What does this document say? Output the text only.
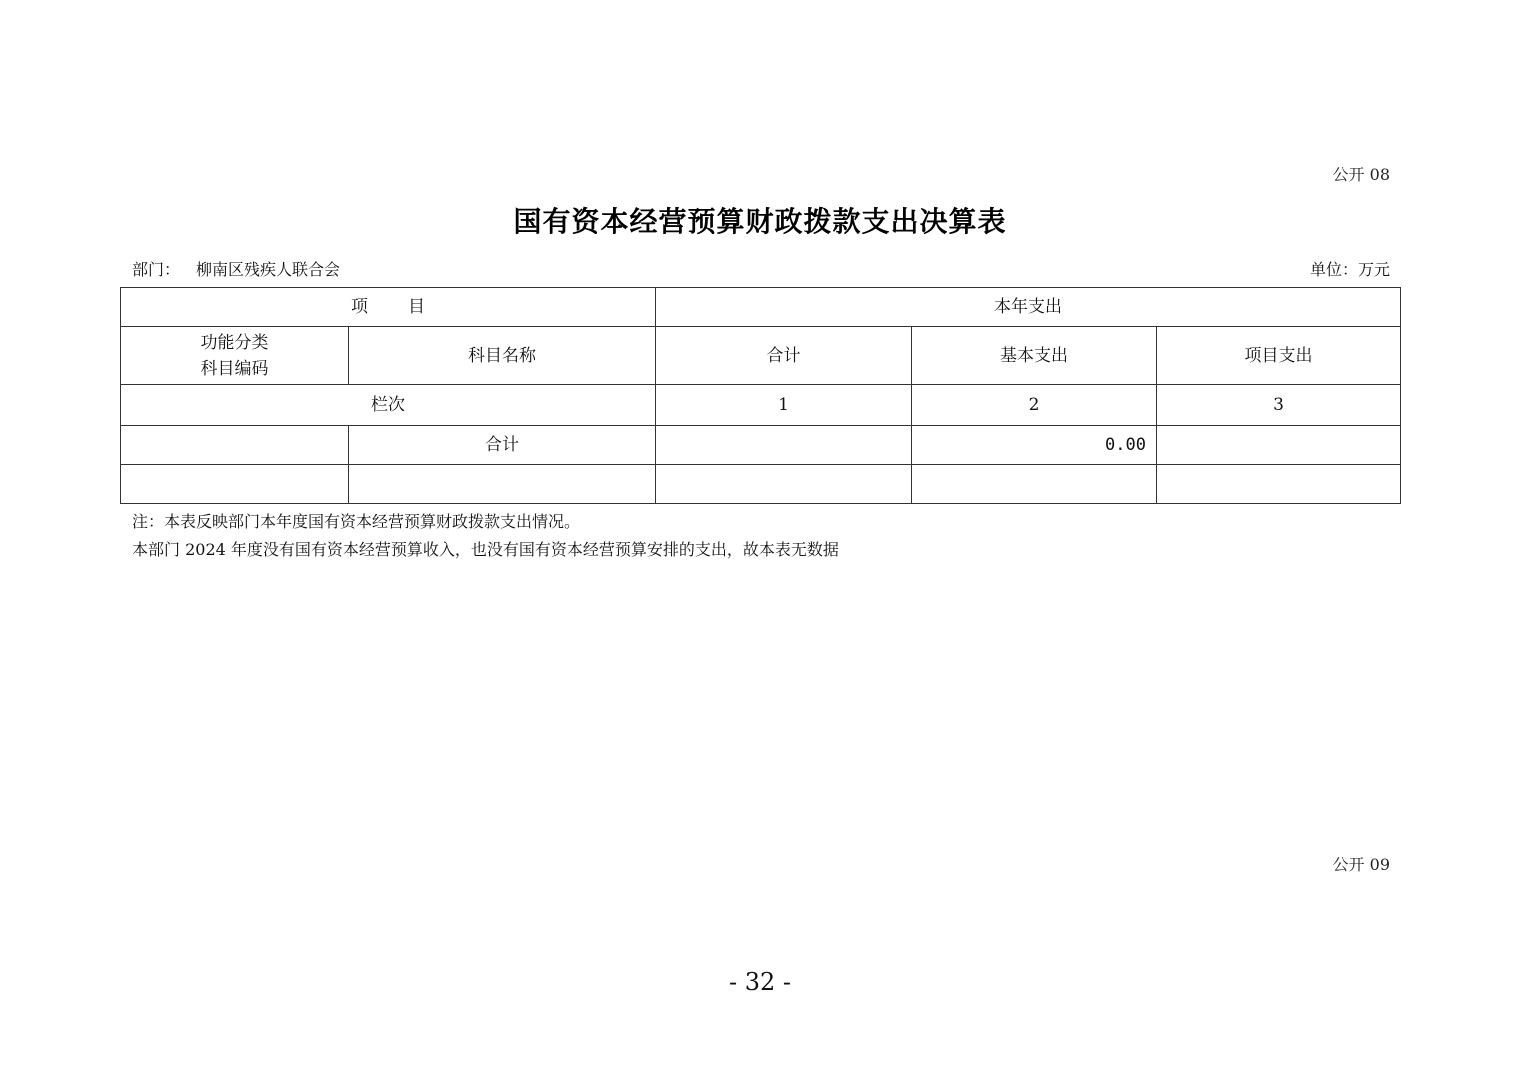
公开 08
国有资本经营预算财政拨款支出决算表
部门： 柳南区残疾人联合会	单位：万元
项 目		本年支出		

功能分类
科目编码	科目名称	合计	基本支出	项目支出
栏次		1	2	3
	合计		0.00	

注：本表反映部门本年度国有资本经营预算财政拨款支出情况。
本部门 2024 年度没有国有资本经营预算收入，也没有国有资本经营预算安排的支出，故本表无数据
公开 09
- 32 -
